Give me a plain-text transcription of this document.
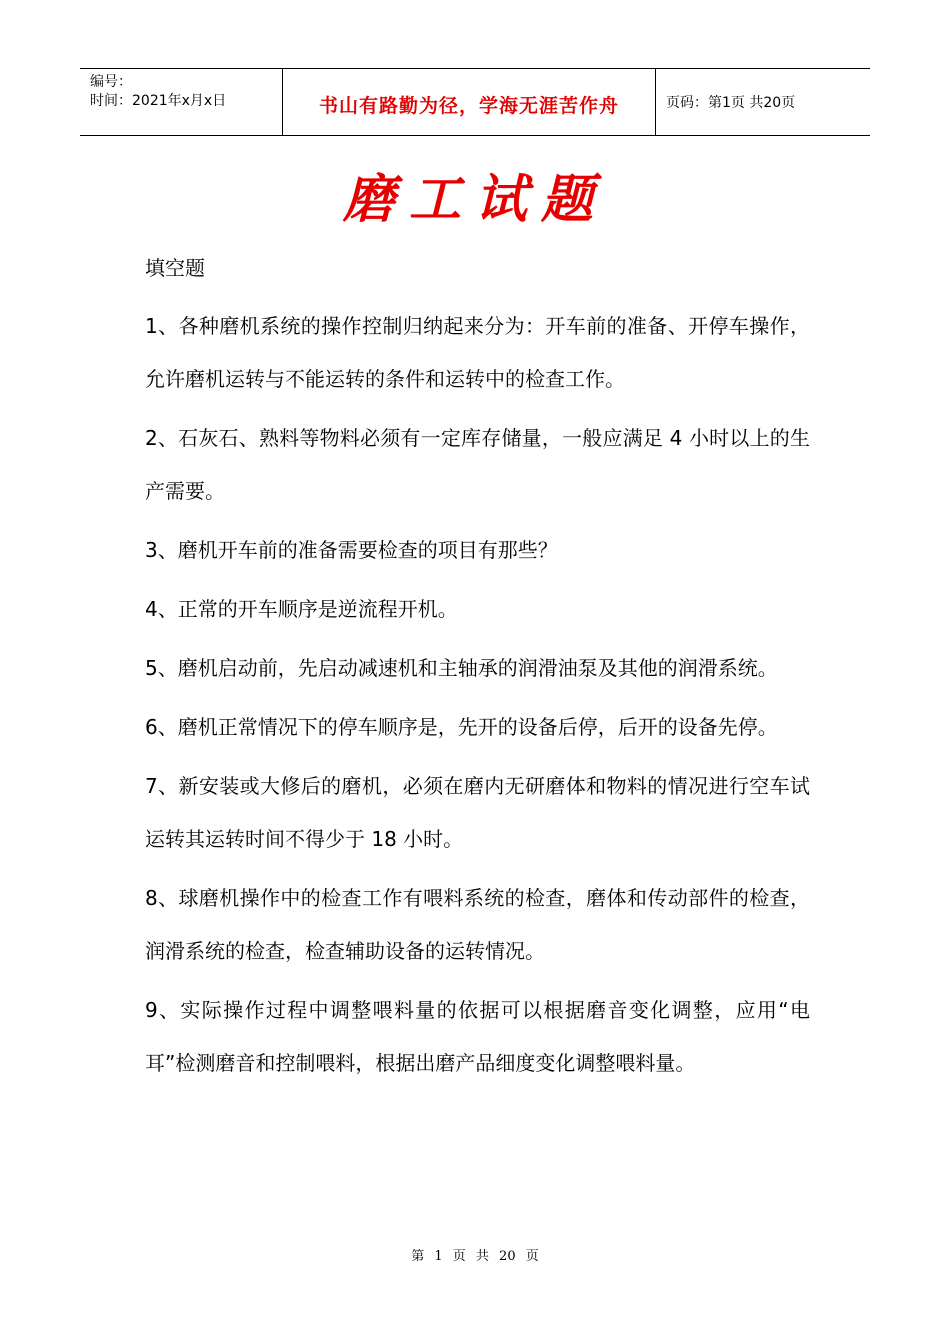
编号：
时间：2021年x月x日	书山有路勤为径，学海无涯苦作舟	页码：第1页 共20页
磨工试题
填空题
1、各种磨机系统的操作控制归纳起来分为：开车前的准备、开停车操作，允许磨机运转与不能运转的条件和运转中的检查工作。
2、石灰石、熟料等物料必须有一定库存储量，一般应满足 4 小时以上的生产需要。
3、磨机开车前的准备需要检查的项目有那些？
4、正常的开车顺序是逆流程开机。
5、磨机启动前，先启动减速机和主轴承的润滑油泵及其他的润滑系统。
6、磨机正常情况下的停车顺序是，先开的设备后停，后开的设备先停。
7、新安装或大修后的磨机，必须在磨内无研磨体和物料的情况进行空车试运转其运转时间不得少于 18 小时。
8、球磨机操作中的检查工作有喂料系统的检查，磨体和传动部件的检查，润滑系统的检查，检查辅助设备的运转情况。
9、实际操作过程中调整喂料量的依据可以根据磨音变化调整，应用“电耳”检测磨音和控制喂料，根据出磨产品细度变化调整喂料量。
第 1 页 共 20 页
